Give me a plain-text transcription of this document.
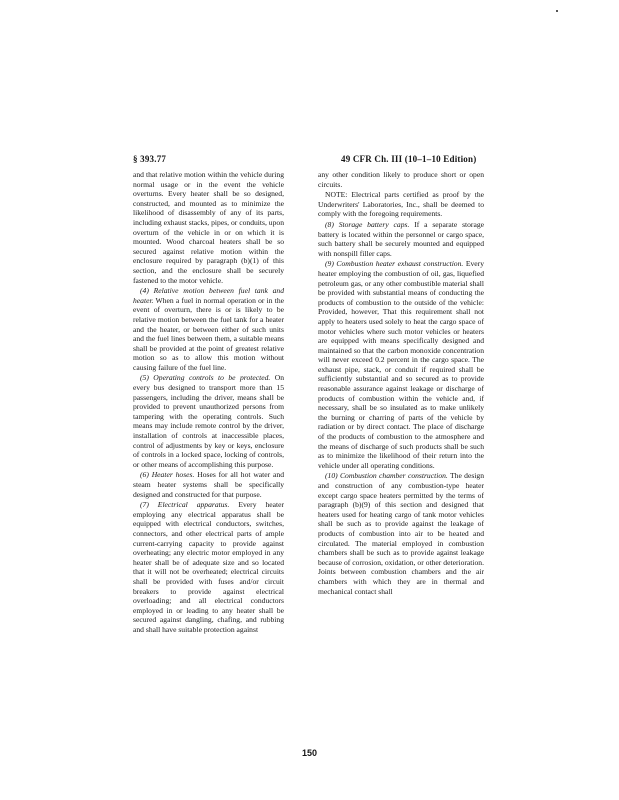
§ 393.77	49 CFR Ch. III (10–1–10 Edition)

and that relative motion within the vehicle during normal usage or in the event the vehicle overturns. Every heater shall be so designed, constructed, and mounted as to minimize the likelihood of disassembly of any of its parts, including exhaust stacks, pipes, or conduits, upon overturn of the vehicle in or on which it is mounted. Wood charcoal heaters shall be so secured against relative motion within the enclosure required by paragraph (b)(1) of this section, and the enclosure shall be securely fastened to the motor vehicle.

(4) Relative motion between fuel tank and heater. When a fuel in normal operation or in the event of overturn, there is or is likely to be relative motion between the fuel tank for a heater and the heater, or between either of such units and the fuel lines between them, a suitable means shall be provided at the point of greatest relative motion so as to allow this motion without causing failure of the fuel line.

(5) Operating controls to be protected. On every bus designed to transport more than 15 passengers, including the driver, means shall be provided to prevent unauthorized persons from tampering with the operating controls. Such means may include remote control by the driver, installation of controls at inaccessible places, control of adjustments by key or keys, enclosure of controls in a locked space, locking of controls, or other means of accomplishing this purpose.

(6) Heater hoses. Hoses for all hot water and steam heater systems shall be specifically designed and constructed for that purpose.

(7) Electrical apparatus. Every heater employing any electrical apparatus shall be equipped with electrical conductors, switches, connectors, and other electrical parts of ample current-carrying capacity to provide against overheating; any electric motor employed in any heater shall be of adequate size and so located that it will not be overheated; electrical circuits shall be provided with fuses and/or circuit breakers to provide against electrical overloading; and all electrical conductors employed in or leading to any heater shall be secured against dangling, chafing, and rubbing and shall have suitable protection against

any other condition likely to produce short or open circuits.

NOTE: Electrical parts certified as proof by the Underwriters' Laboratories, Inc., shall be deemed to comply with the foregoing requirements.

(8) Storage battery caps. If a separate storage battery is located within the personnel or cargo space, such battery shall be securely mounted and equipped with nonspill filler caps.

(9) Combustion heater exhaust construction. Every heater employing the combustion of oil, gas, liquefied petroleum gas, or any other combustible material shall be provided with substantial means of conducting the products of combustion to the outside of the vehicle: Provided, however, That this requirement shall not apply to heaters used solely to heat the cargo space of motor vehicles where such motor vehicles or heaters are equipped with means specifically designed and maintained so that the carbon monoxide concentration will never exceed 0.2 percent in the cargo space. The exhaust pipe, stack, or conduit if required shall be sufficiently substantial and so secured as to provide reasonable assurance against leakage or discharge of products of combustion within the vehicle and, if necessary, shall be so insulated as to make unlikely the burning or charring of parts of the vehicle by radiation or by direct contact. The place of discharge of the products of combustion to the atmosphere and the means of discharge of such products shall be such as to minimize the likelihood of their return into the vehicle under all operating conditions.

(10) Combustion chamber construction. The design and construction of any combustion-type heater except cargo space heaters permitted by the terms of paragraph (b)(9) of this section and designed that heaters used for heating cargo of tank motor vehicles shall be such as to provide against the leakage of products of combustion into air to be heated and circulated. The material employed in combustion chambers shall be such as to provide against leakage because of corrosion, oxidation, or other deterioration. Joints between combustion chambers and the air chambers with which they are in thermal and mechanical contact shall

150
